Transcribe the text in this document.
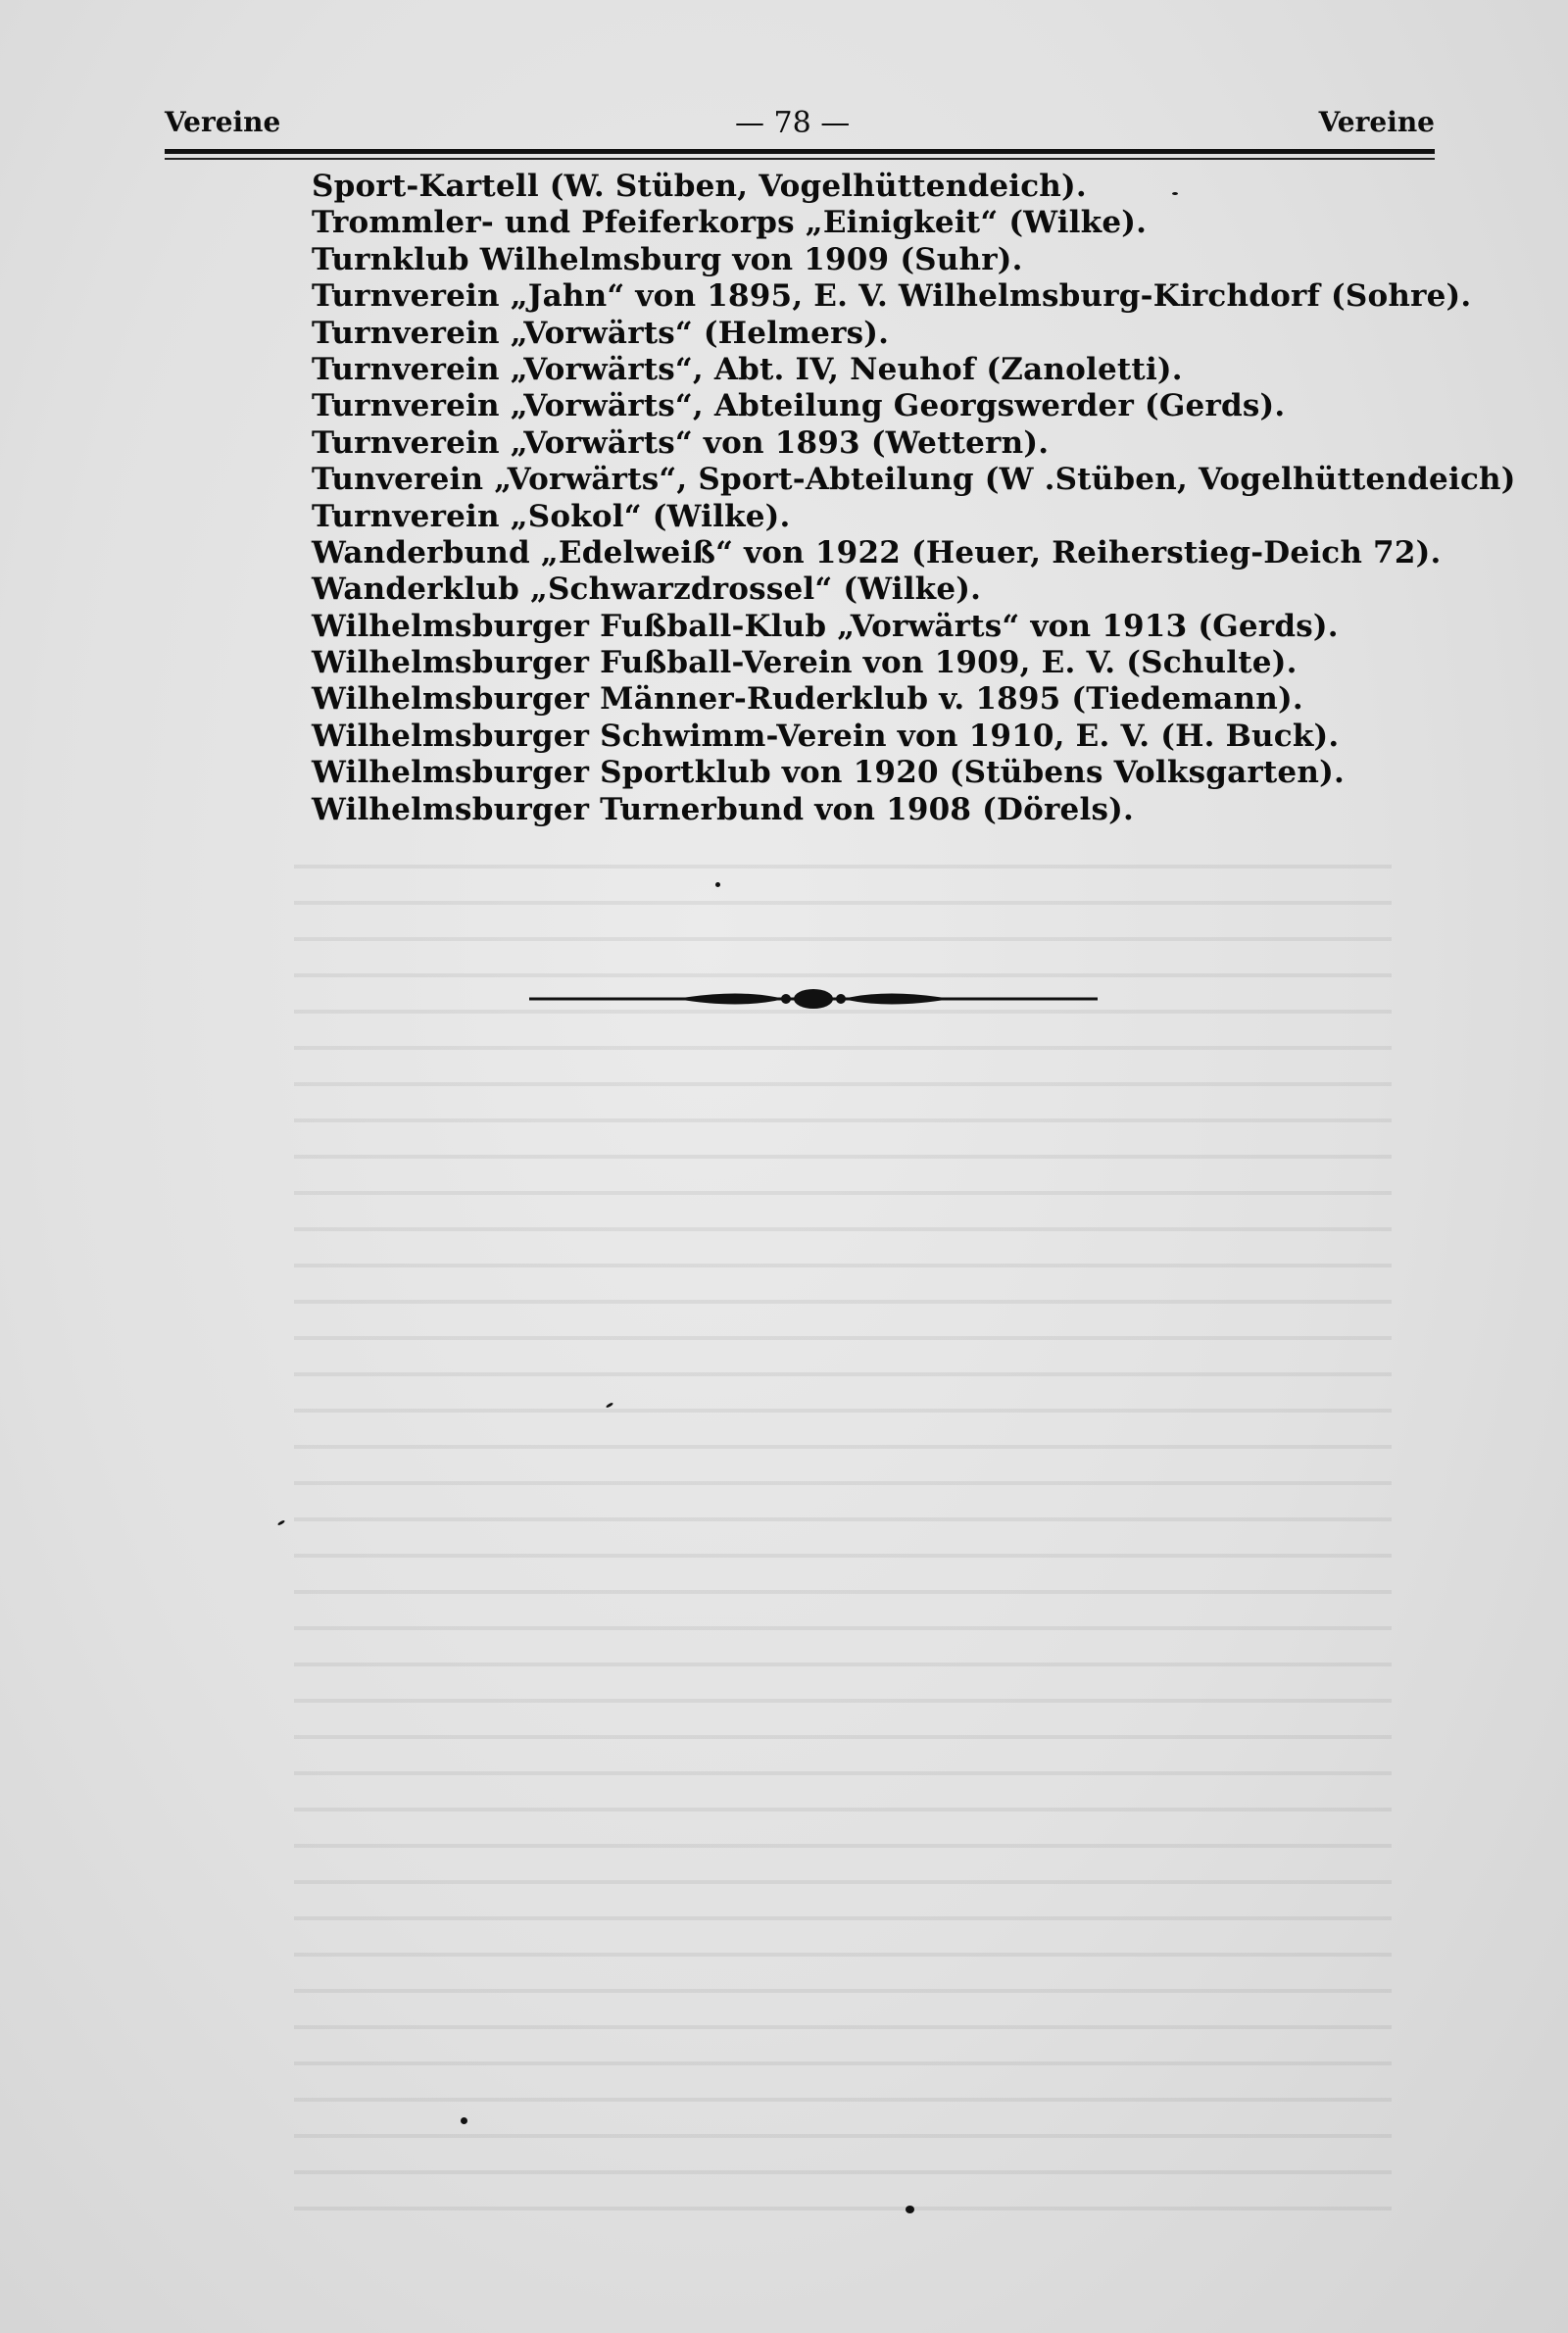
Vereine	— 78 —	Vereine
Sport-Kartell (W. Stüben, Vogelhüttendeich).
Trommler- und Pfeiferkorps „Einigkeit“ (Wilke).
Turnklub Wilhelmsburg von 1909 (Suhr).
Turnverein „Jahn“ von 1895, E. V. Wilhelmsburg-Kirchdorf (Sohre).
Turnverein „Vorwärts“ (Helmers).
Turnverein „Vorwärts“, Abt. IV, Neuhof (Zanoletti).
Turnverein „Vorwärts“, Abteilung Georgswerder (Gerds).
Turnverein „Vorwärts“ von 1893 (Wettern).
Tunverein „Vorwärts“, Sport-Abteilung (W .Stüben, Vogelhüttendeich)
Turnverein „Sokol“ (Wilke).
Wanderbund „Edelweiß“ von 1922 (Heuer, Reiherstieg-Deich 72).
Wanderklub „Schwarzdrossel“ (Wilke).
Wilhelmsburger Fußball-Klub „Vorwärts“ von 1913 (Gerds).
Wilhelmsburger Fußball-Verein von 1909, E. V. (Schulte).
Wilhelmsburger Männer-Ruderklub v. 1895 (Tiedemann).
Wilhelmsburger Schwimm-Verein von 1910, E. V. (H. Buck).
Wilhelmsburger Sportklub von 1920 (Stübens Volksgarten).
Wilhelmsburger Turnerbund von 1908 (Dörels).
